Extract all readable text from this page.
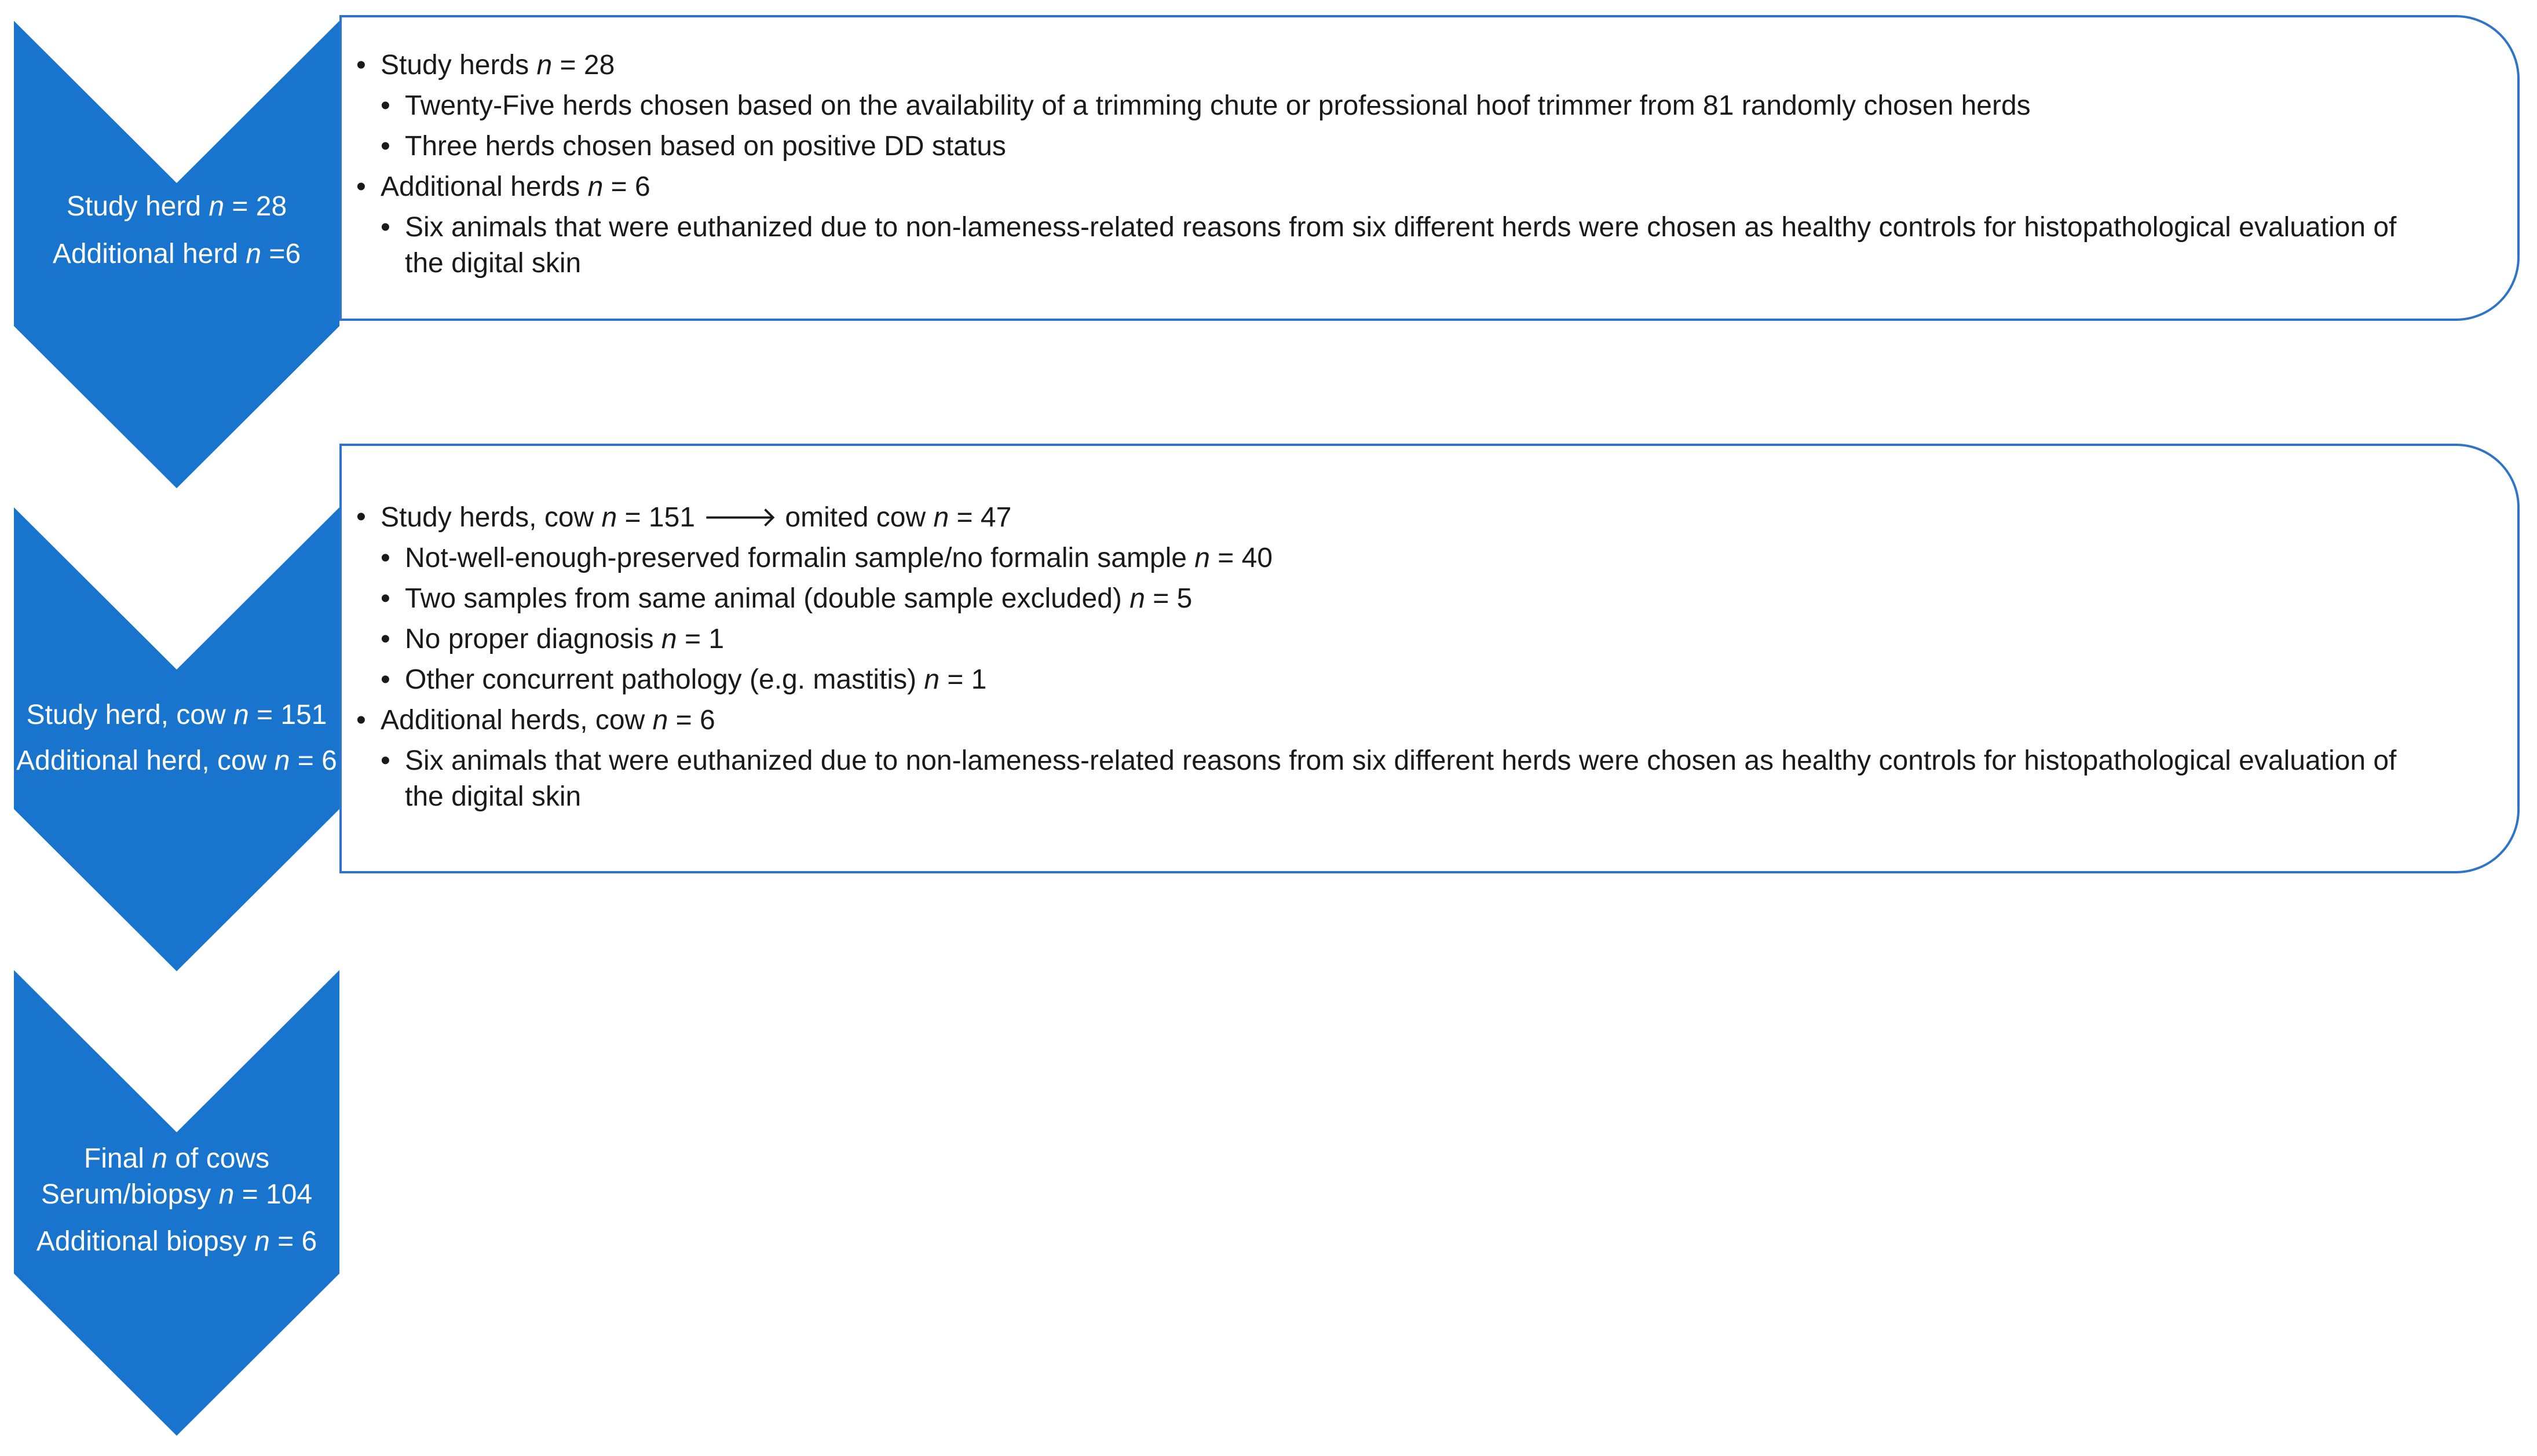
Study herd n = 28
Additional herd n =6
Study herd, cow n = 151
Additional herd, cow n = 6
Final n of cows
Serum/biopsy n = 104
Additional biopsy n = 6
• Study herds n = 28
• Twenty-Five herds chosen based on the availability of a trimming chute or professional hoof trimmer from 81 randomly chosen herds
• Three herds chosen based on positive DD status
• Additional herds n = 6
• Six animals that were euthanized due to non-lameness-related reasons from six different herds were chosen as healthy controls for histopathological evaluation of
the digital skin
• Study herds, cow n = 151 🡒 omited cow n = 47
• Not-well-enough-preserved formalin sample/no formalin sample n = 40
• Two samples from same animal (double sample excluded) n = 5
• No proper diagnosis n = 1
• Other concurrent pathology (e.g. mastitis) n = 1
• Additional herds, cow n = 6
• Six animals that were euthanized due to non-lameness-related reasons from six different herds were chosen as healthy controls for histopathological evaluation of
the digital skin
